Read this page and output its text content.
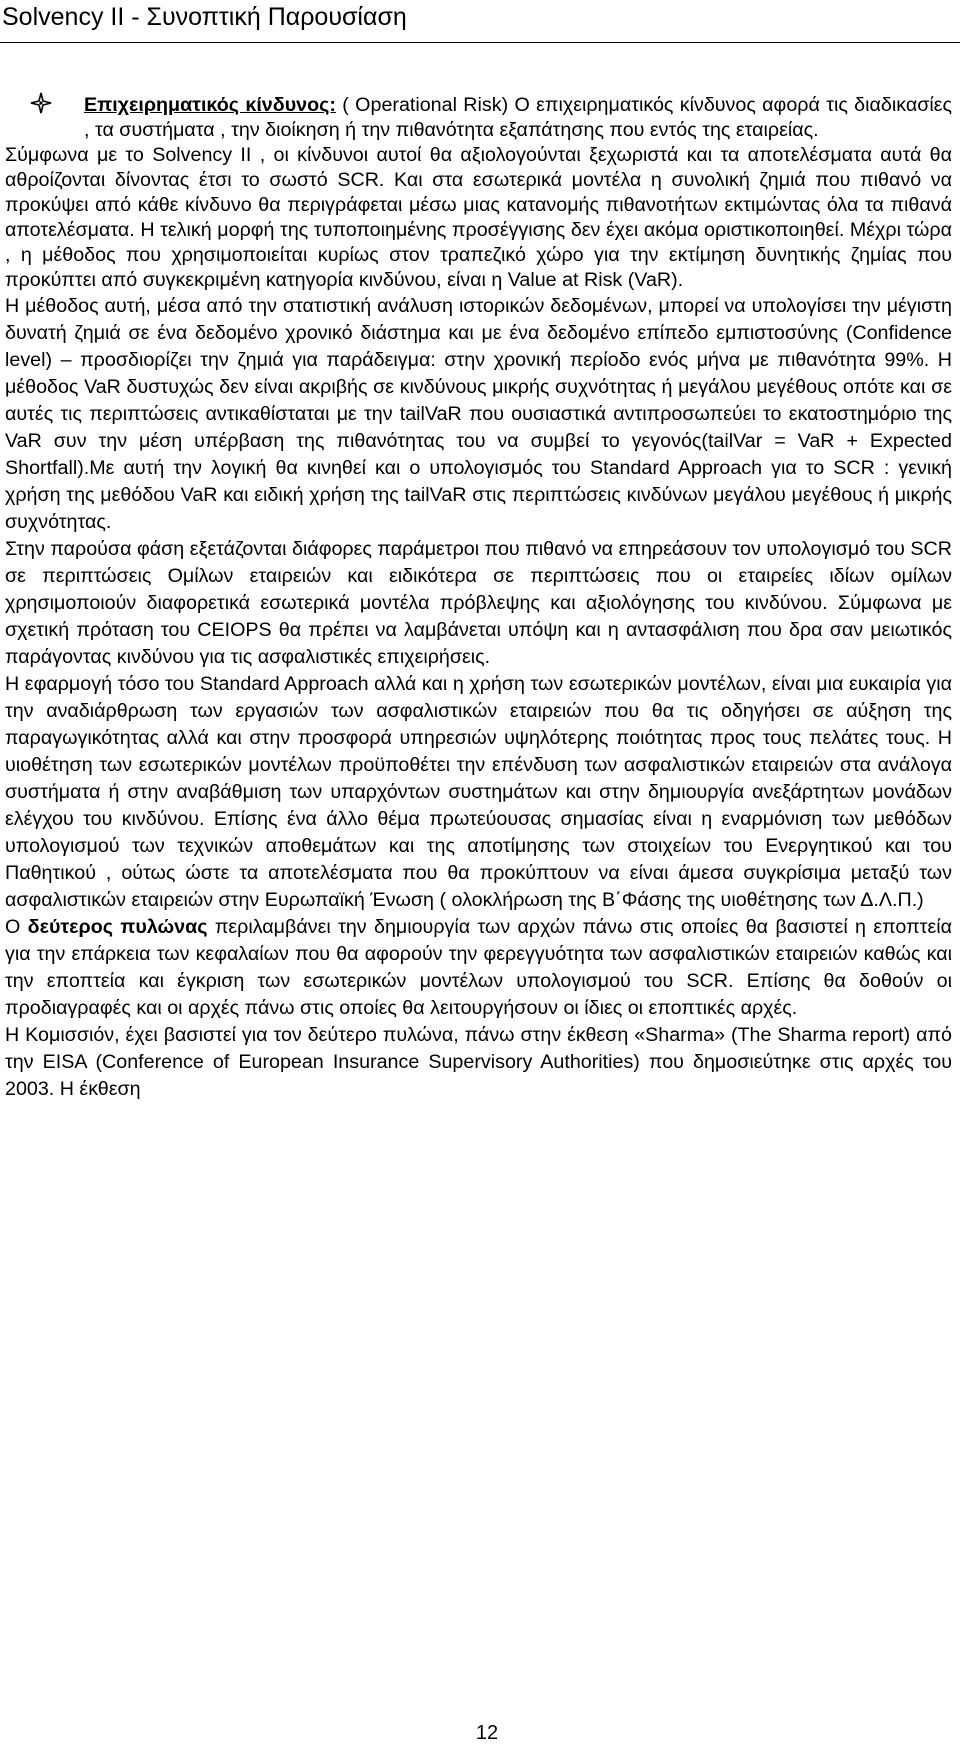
Solvency II - Συνοπτική Παρουσίαση

Επιχειρηματικός κίνδυνος: ( Operational Risk) Ο επιχειρηματικός κίνδυνος αφορά τις διαδικασίες , τα συστήματα , την διοίκηση ή την πιθανότητα εξαπάτησης που εντός της εταιρείας.

Σύμφωνα με το Solvency II , οι κίνδυνοι αυτοί θα αξιολογούνται ξεχωριστά και τα αποτελέσματα αυτά θα αθροίζονται δίνοντας έτσι το σωστό SCR. Και στα εσωτερικά μοντέλα η συνολική ζημιά που πιθανό να προκύψει από κάθε κίνδυνο θα περιγράφεται μέσω μιας κατανομής πιθανοτήτων εκτιμώντας όλα τα πιθανά αποτελέσματα. Η τελική μορφή της τυποποιημένης προσέγγισης δεν έχει ακόμα οριστικοποιηθεί. Μέχρι τώρα , η μέθοδος που χρησιμοποιείται κυρίως στον τραπεζικό χώρο για την εκτίμηση δυνητικής ζημίας που προκύπτει από συγκεκριμένη κατηγορία κινδύνου, είναι η Value at Risk (VaR).

Η μέθοδος αυτή, μέσα από την στατιστική ανάλυση ιστορικών δεδομένων, μπορεί να υπολογίσει την μέγιστη δυνατή ζημιά σε ένα δεδομένο χρονικό διάστημα και με ένα δεδομένο επίπεδο εμπιστοσύνης (Confidence level) – προσδιορίζει την ζημιά για παράδειγμα: στην χρονική περίοδο ενός μήνα με πιθανότητα 99%. Η μέθοδος VaR δυστυχώς δεν είναι ακριβής σε κινδύνους μικρής συχνότητας ή μεγάλου μεγέθους οπότε και σε αυτές τις περιπτώσεις αντικαθίσταται με την tailVaR που ουσιαστικά αντιπροσωπεύει το εκατοστημόριο της VaR συν την μέση υπέρβαση της πιθανότητας του να συμβεί το γεγονός(tailVar = VaR + Expected Shortfall).Με αυτή την λογική θα κινηθεί και ο υπολογισμός του Standard Approach για το SCR : γενική χρήση της μεθόδου VaR και ειδική χρήση της tailVaR στις περιπτώσεις κινδύνων μεγάλου μεγέθους ή μικρής συχνότητας.

Στην παρούσα φάση εξετάζονται διάφορες παράμετροι που πιθανό να επηρεάσουν τον υπολογισμό του SCR σε περιπτώσεις Ομίλων εταιρειών και ειδικότερα σε περιπτώσεις που οι εταιρείες ιδίων ομίλων χρησιμοποιούν διαφορετικά εσωτερικά μοντέλα πρόβλεψης και αξιολόγησης του κινδύνου. Σύμφωνα με σχετική πρόταση του CEIOPS θα πρέπει να λαμβάνεται υπόψη και η αντασφάλιση που δρα σαν μειωτικός παράγοντας κινδύνου για τις ασφαλιστικές επιχειρήσεις.

Η εφαρμογή τόσο του Standard Approach αλλά και η χρήση των εσωτερικών μοντέλων, είναι μια ευκαιρία για την αναδιάρθρωση των εργασιών των ασφαλιστικών εταιρειών που θα τις οδηγήσει σε αύξηση της παραγωγικότητας αλλά και στην προσφορά υπηρεσιών υψηλότερης ποιότητας προς τους πελάτες τους. Η υιοθέτηση των εσωτερικών μοντέλων προϋποθέτει την επένδυση των ασφαλιστικών εταιρειών στα ανάλογα συστήματα ή στην αναβάθμιση των υπαρχόντων συστημάτων και στην δημιουργία ανεξάρτητων μονάδων ελέγχου του κινδύνου. Επίσης ένα άλλο θέμα πρωτεύουσας σημασίας είναι η εναρμόνιση των μεθόδων υπολογισμού των τεχνικών αποθεμάτων και της αποτίμησης των στοιχείων του Ενεργητικού και του Παθητικού , ούτως ώστε τα αποτελέσματα που θα προκύπτουν να είναι άμεσα συγκρίσιμα μεταξύ των ασφαλιστικών εταιρειών στην Ευρωπαϊκή Ένωση ( ολοκλήρωση της Β΄Φάσης της υιοθέτησης των Δ.Λ.Π.)

Ο δεύτερος πυλώνας περιλαμβάνει την δημιουργία των αρχών πάνω στις οποίες θα βασιστεί η εποπτεία για την επάρκεια των κεφαλαίων που θα αφορούν την φερεγγυότητα των ασφαλιστικών εταιρειών καθώς και την εποπτεία και έγκριση των εσωτερικών μοντέλων υπολογισμού του SCR. Επίσης θα δοθούν οι προδιαγραφές και οι αρχές πάνω στις οποίες θα λειτουργήσουν οι ίδιες οι εποπτικές αρχές.

Η Κομισσιόν, έχει βασιστεί για τον δεύτερο πυλώνα, πάνω στην έκθεση «Sharma» (The Sharma report) από την EISA (Conference of European Insurance Supervisory Authorities) που δημοσιεύτηκε στις αρχές του 2003. Η έκθεση

12
